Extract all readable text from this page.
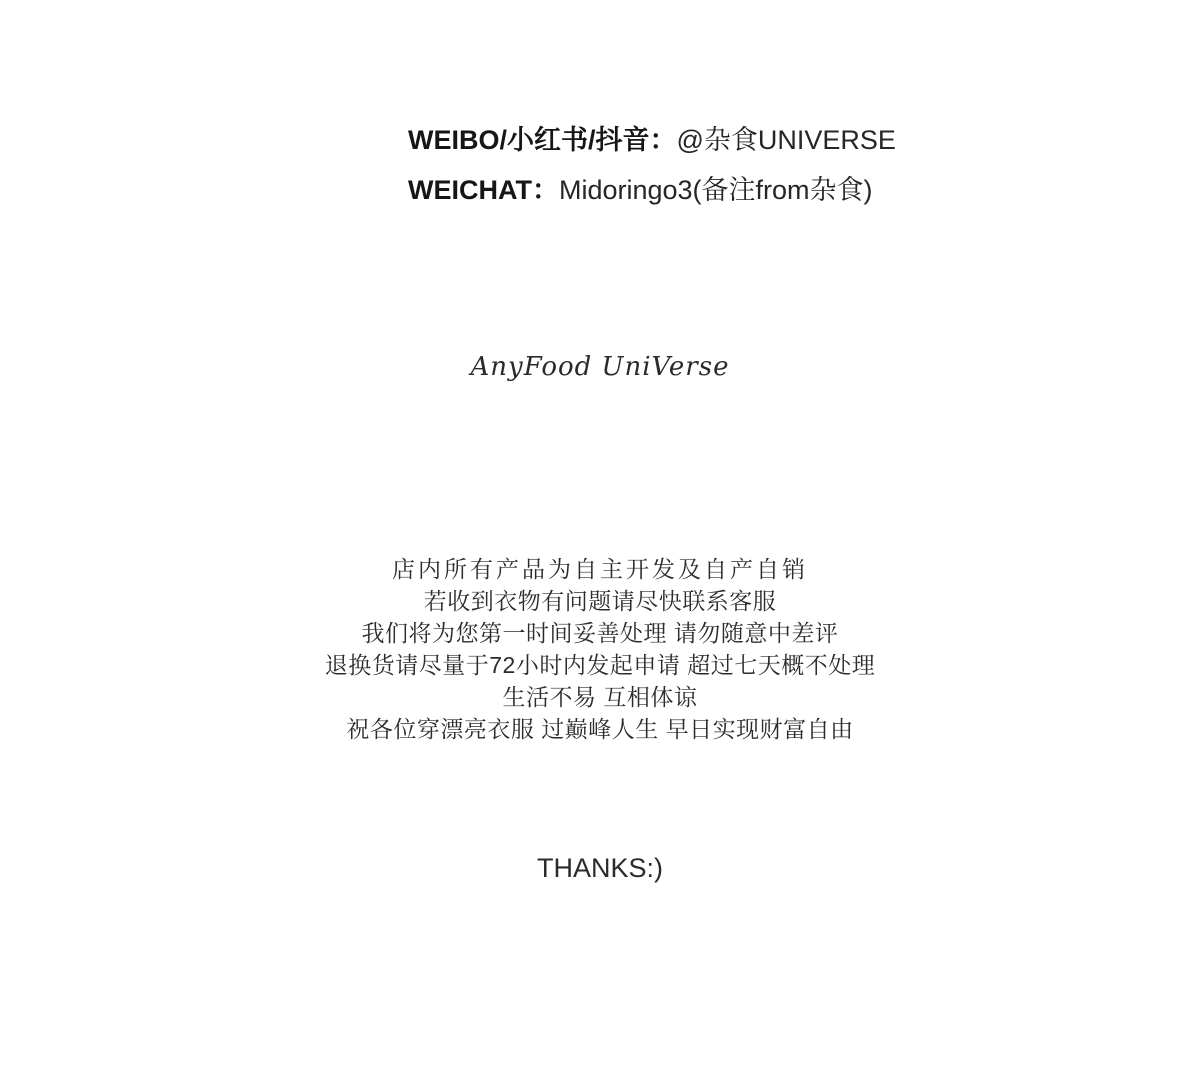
WEIBO/小红书/抖音：@杂食UNIVERSE
WEICHAT：Midoringo3(备注from杂食)
AnyFood UniVerse
店内所有产品为自主开发及自产自销
若收到衣物有问题请尽快联系客服
我们将为您第一时间妥善处理 请勿随意中差评
退换货请尽量于72小时内发起申请 超过七天概不处理
生活不易 互相体谅
祝各位穿漂亮衣服 过巅峰人生 早日实现财富自由
THANKS:)
